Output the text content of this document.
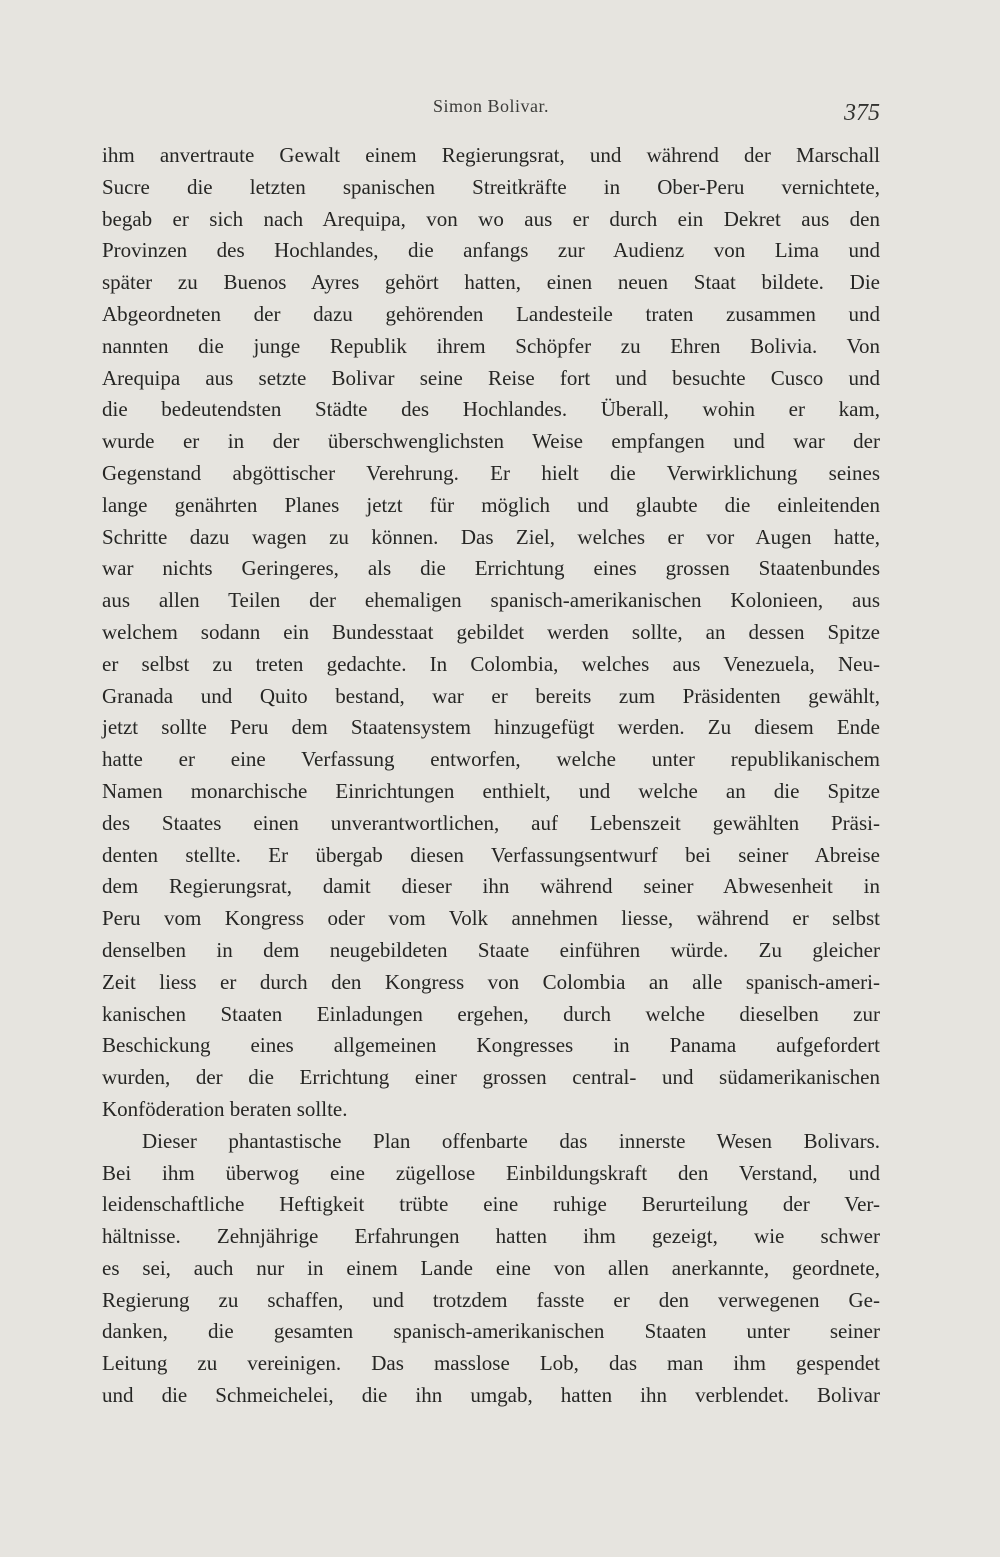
Simon Bolivar.	375
ihm anvertraute Gewalt einem Regierungsrat, und während der Marschall
Sucre die letzten spanischen Streitkräfte in Ober-Peru vernichtete,
begab er sich nach Arequipa, von wo aus er durch ein Dekret aus den
Provinzen des Hochlandes, die anfangs zur Audienz von Lima und
später zu Buenos Ayres gehört hatten, einen neuen Staat bildete. Die
Abgeordneten der dazu gehörenden Landesteile traten zusammen und
nannten die junge Republik ihrem Schöpfer zu Ehren Bolivia. Von
Arequipa aus setzte Bolivar seine Reise fort und besuchte Cusco und
die bedeutendsten Städte des Hochlandes. Überall, wohin er kam,
wurde er in der überschwenglichsten Weise empfangen und war der
Gegenstand abgöttischer Verehrung. Er hielt die Verwirklichung seines
lange genährten Planes jetzt für möglich und glaubte die einleitenden
Schritte dazu wagen zu können. Das Ziel, welches er vor Augen hatte,
war nichts Geringeres, als die Errichtung eines grossen Staatenbundes
aus allen Teilen der ehemaligen spanisch-amerikanischen Kolonieen, aus
welchem sodann ein Bundesstaat gebildet werden sollte, an dessen Spitze
er selbst zu treten gedachte. In Colombia, welches aus Venezuela, Neu-
Granada und Quito bestand, war er bereits zum Präsidenten gewählt,
jetzt sollte Peru dem Staatensystem hinzugefügt werden. Zu diesem Ende
hatte er eine Verfassung entworfen, welche unter republikanischem
Namen monarchische Einrichtungen enthielt, und welche an die Spitze
des Staates einen unverantwortlichen, auf Lebenszeit gewählten Präsi-
denten stellte. Er übergab diesen Verfassungsentwurf bei seiner Abreise
dem Regierungsrat, damit dieser ihn während seiner Abwesenheit in
Peru vom Kongress oder vom Volk annehmen liesse, während er selbst
denselben in dem neugebildeten Staate einführen würde. Zu gleicher
Zeit liess er durch den Kongress von Colombia an alle spanisch-ameri-
kanischen Staaten Einladungen ergehen, durch welche dieselben zur
Beschickung eines allgemeinen Kongresses in Panama aufgefordert
wurden, der die Errichtung einer grossen central- und südamerikanischen
Konföderation beraten sollte.
Dieser phantastische Plan offenbarte das innerste Wesen Bolivars.
Bei ihm überwog eine zügellose Einbildungskraft den Verstand, und
leidenschaftliche Heftigkeit trübte eine ruhige Berurteilung der Ver-
hältnisse. Zehnjährige Erfahrungen hatten ihm gezeigt, wie schwer
es sei, auch nur in einem Lande eine von allen anerkannte, geordnete,
Regierung zu schaffen, und trotzdem fasste er den verwegenen Ge-
danken, die gesamten spanisch-amerikanischen Staaten unter seiner
Leitung zu vereinigen. Das masslose Lob, das man ihm gespendet
und die Schmeichelei, die ihn umgab, hatten ihn verblendet. Bolivar
